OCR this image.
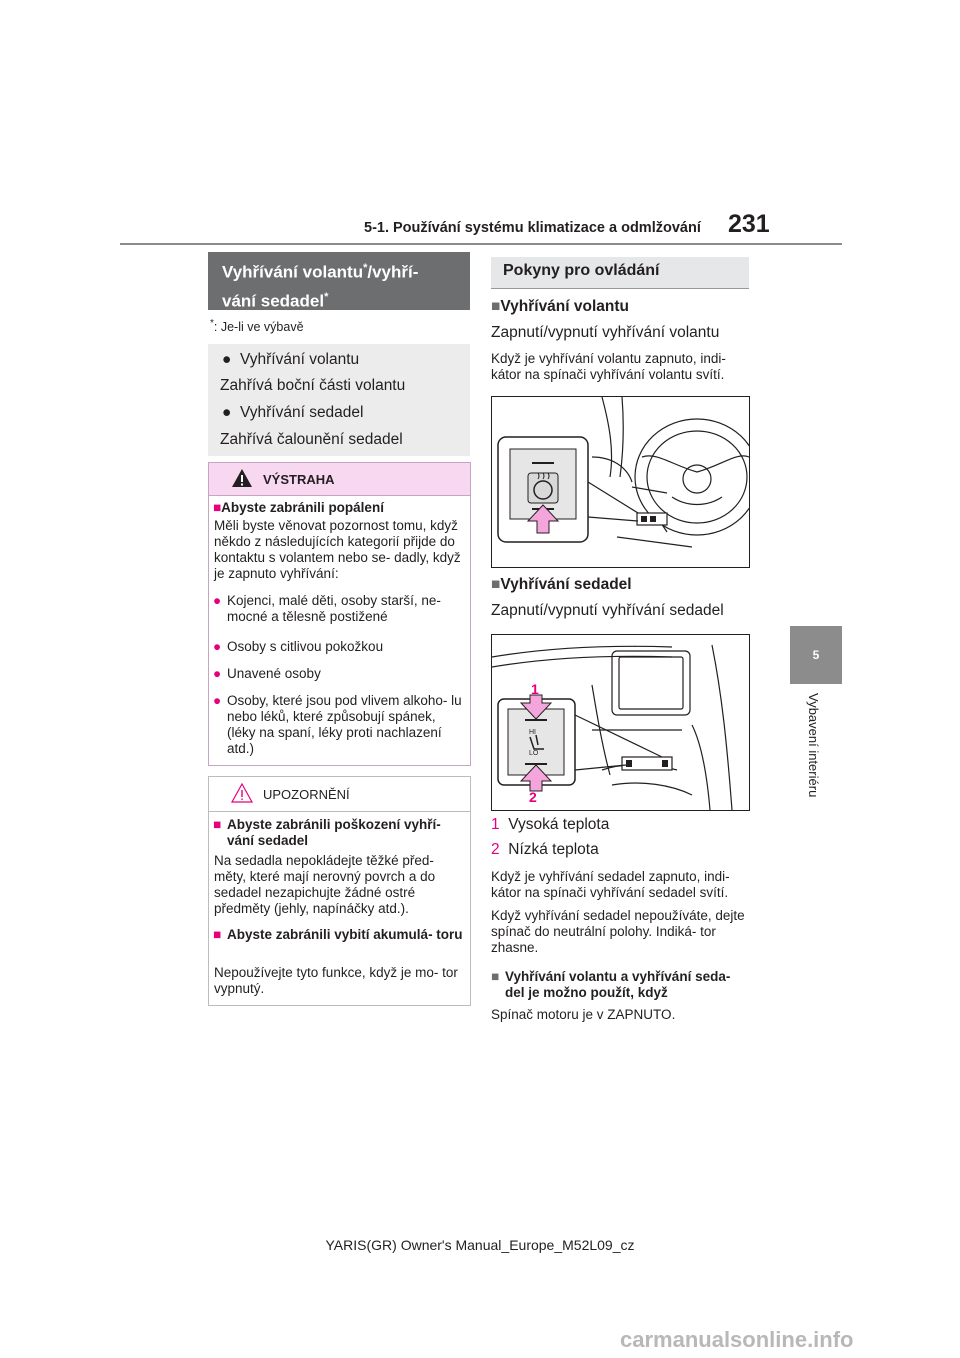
5-1. Používání systému klimatizace a odmlžování 231
5
Vybavení interiéru
Vyhřívání volantu*/vyhří-
vání sedadel*
*: Je-li ve výbavě
●  Vyhřívání volantu
Zahřívá boční části volantu
●  Vyhřívání sedadel
Zahřívá čalounění sedadel
VÝSTRAHA
■Abyste zabránili popálení
Měli byste věnovat pozornost tomu, když někdo z následujících kategorií přijde do kontaktu s volantem nebo se- dadly, když je zapnuto vyhřívání:
● Kojenci, malé děti, osoby starší, ne- mocné a tělesně postižené
● Osoby s citlivou pokožkou
● Unavené osoby
● Osoby, které jsou pod vlivem alkoho- lu nebo léků, které způsobují spánek, (léky na spaní, léky proti nachlazení atd.)
UPOZORNĚNÍ
■ Abyste zabránili poškození vyhří- vání sedadel
Na sedadla nepokládejte těžké před- měty, které mají nerovný povrch a do sedadel nezapichujte žádné ostré předměty (jehly, napínáčky atd.).
■ Abyste zabránili vybití akumulá- toru
Nepoužívejte tyto funkce, když je mo- tor vypnutý.
Pokyny pro ovládání
■Vyhřívání volantu
Zapnutí/vypnutí vyhřívání volantu
Když je vyhřívání volantu zapnuto, indi- kátor na spínači vyhřívání volantu svítí.
■Vyhřívání sedadel
Zapnutí/vypnutí vyhřívání sedadel
HI
LO
1
2
1 Vysoká teplota
2 Nízká teplota
Když je vyhřívání sedadel zapnuto, indi- kátor na spínači vyhřívání sedadel svítí.
Když vyhřívání sedadel nepoužíváte, dejte spínač do neutrální polohy. Indiká- tor zhasne.
■ Vyhřívání volantu a vyhřívání seda- del je možno použít, když
Spínač motoru je v ZAPNUTO.
YARIS(GR) Owner's Manual_Europe_M52L09_cz
carmanualsonline.info
